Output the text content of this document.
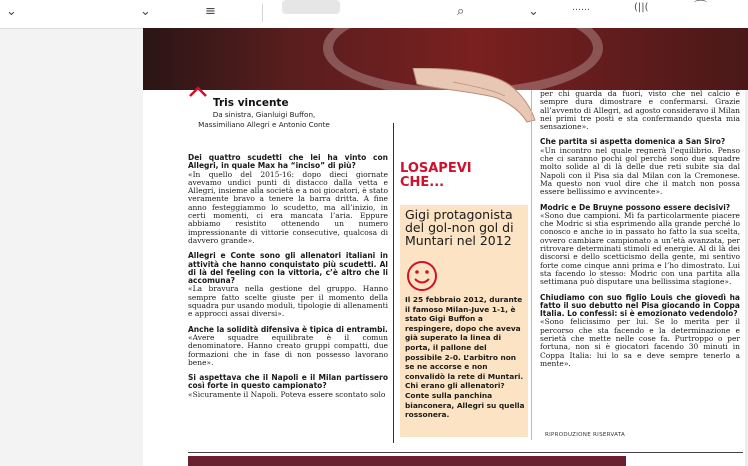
⌄	⌄	≡	⌕	⌄	……	(||(	⌒
Tris vincente
Da sinistra, Gianluigi Buffon, Massimiliano Allegri e Antonio Conte

Dei quattro scudetti che lei ha vinto con Allegri, in quale Max ha “inciso” di più?
«In quello del 2015-16: dopo dieci giornate avevamo undici punti di distacco dalla vetta e Allegri, insieme alla società e a noi giocatori, è stato veramente bravo a tenere la barra dritta. A fine anno festeggiammo lo scudetto, ma all’inizio, in certi momenti, ci era mancata l’aria. Eppure abbiamo resistito ottenendo un numero impressionante di vittorie consecutive, qualcosa di davvero grande».

Allegri e Conte sono gli allenatori italiani in attività che hanno conquistato più scudetti. Al di là del feeling con la vittoria, c’è altro che li accomuna?
«La bravura nella gestione del gruppo. Hanno sempre fatto scelte giuste per il momento della squadra pur usando moduli, tipologie di allenamenti e approcci assai diversi».

Anche la solidità difensiva è tipica di entrambi.
«Avere squadre equilibrate è il comun denominatore. Hanno creato gruppi compatti, due formazioni che in fase di non possesso lavorano bene».

Si aspettava che il Napoli e il Milan partissero così forte in questo campionato?
«Sicuramente il Napoli. Poteva essere scontato solo

LOSAPEVI
CHE...
Gigi protagonista del gol-non gol di Muntari nel 2012
Il 25 febbraio 2012, durante il famoso Milan-Juve 1-1, è stato Gigi Buffon a respingere, dopo che aveva già superato la linea di porta, il pallone del possibile 2-0. L’arbitro non se ne accorse e non convalidò la rete di Muntari. Chi erano gli allenatori? Conte sulla panchina bianconera, Allegri su quella rossonera.

per chi guarda da fuori, visto che nel calcio è sempre dura dimostrare e confermarsi. Grazie all’avvento di Allegri, ad agosto consideravo il Milan nei primi tre posti e sta confermando questa mia sensazione».

Che partita si aspetta domenica a San Siro?
«Un incontro nel quale regnerà l’equilibrio. Penso che ci saranno pochi gol perché sono due squadre molto solide al di là delle due reti subite sia dal Napoli con il Pisa sia dal Milan con la Cremonese. Ma questo non vuol dire che il match non possa essere bellissimo e avvincente».

Modric e De Bruyne possono essere decisivi?
«Sono due campioni. Mi fa particolarmente piacere che Modric si stia esprimendo alla grande perché lo conosco e anche io in passato ho fatto la sua scelta, ovvero cambiare campionato a un’età avanzata, per ritrovare determinati stimoli ed energie. Al di là dei discorsi e dello scetticismo della gente, mi sentivo forte come cinque anni prima e l’ho dimostrato. Lui sta facendo lo stesso: Modric con una partita alla settimana può disputare una bellissima stagione».

Chiudiamo con suo figlio Louis che giovedì ha fatto il suo debutto nel Pisa giocando in Coppa Italia. Lo confessi: si è emozionato vedendolo?
«Sono felicissimo per lui. Se lo merita per il percorso che sta facendo e la determinazione e serietà che mette nelle cose fa. Purtroppo o per fortuna, non si è giocatori facendo 30 minuti in Coppa Italia: lui lo sa e deve sempre tenerlo a mente».

RIPRODUZIONE RISERVATA
